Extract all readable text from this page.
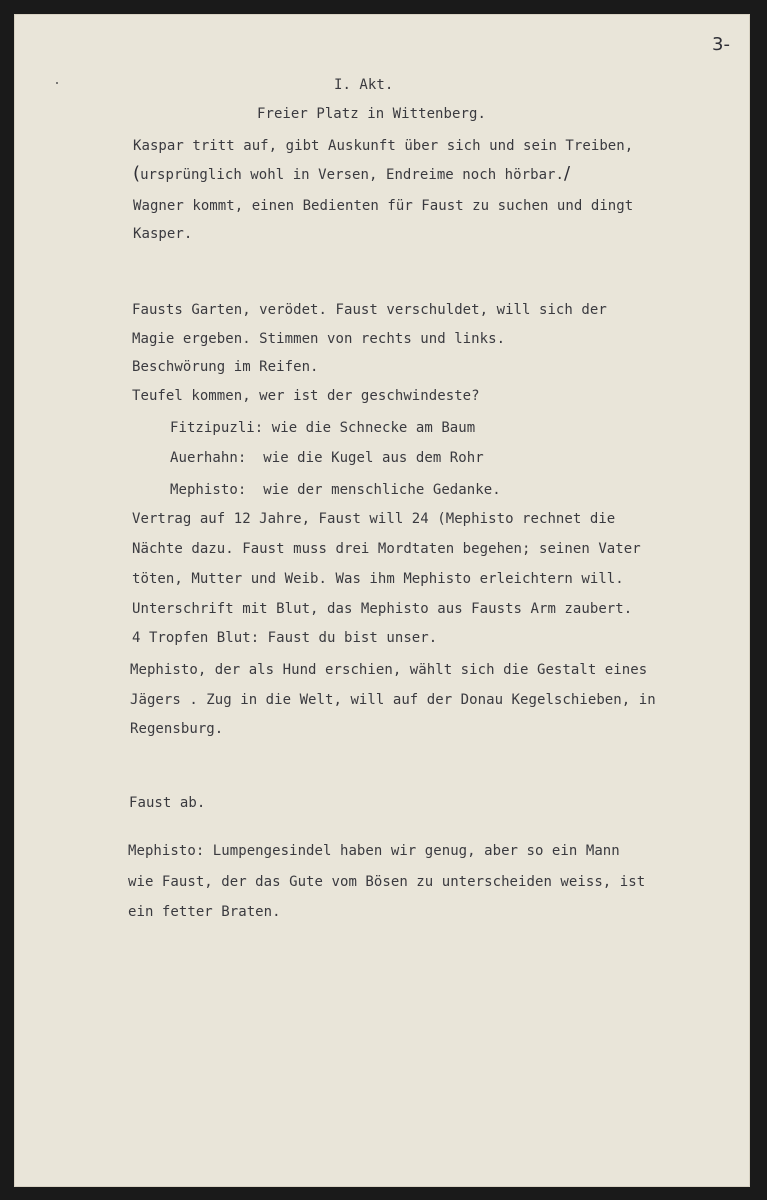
3-
I. Akt.
Freier Platz in Wittenberg.
Kaspar tritt auf, gibt Auskunft über sich und sein Treiben,
(ursprünglich wohl in Versen, Endreime noch hörbar./
Wagner kommt, einen Bedienten für Faust zu suchen und dingt
Kasper.
Fausts Garten, verödet. Faust verschuldet, will sich der
Magie ergeben. Stimmen von rechts und links.
Beschwörung im Reifen.
Teufel kommen, wer ist der geschwindeste?
Fitzipuzli: wie die Schnecke am Baum
Auerhahn:  wie die Kugel aus dem Rohr
Mephisto:  wie der menschliche Gedanke.
Vertrag auf 12 Jahre, Faust will 24 (Mephisto rechnet die
Nächte dazu. Faust muss drei Mordtaten begehen; seinen Vater
töten, Mutter und Weib. Was ihm Mephisto erleichtern will.
Unterschrift mit Blut, das Mephisto aus Fausts Arm zaubert.
4 Tropfen Blut: Faust du bist unser.
Mephisto, der als Hund erschien, wählt sich die Gestalt eines
Jägers . Zug in die Welt, will auf der Donau Kegelschieben, in
Regensburg.
Faust ab.
Mephisto: Lumpengesindel haben wir genug, aber so ein Mann
wie Faust, der das Gute vom Bösen zu unterscheiden weiss, ist
ein fetter Braten.
